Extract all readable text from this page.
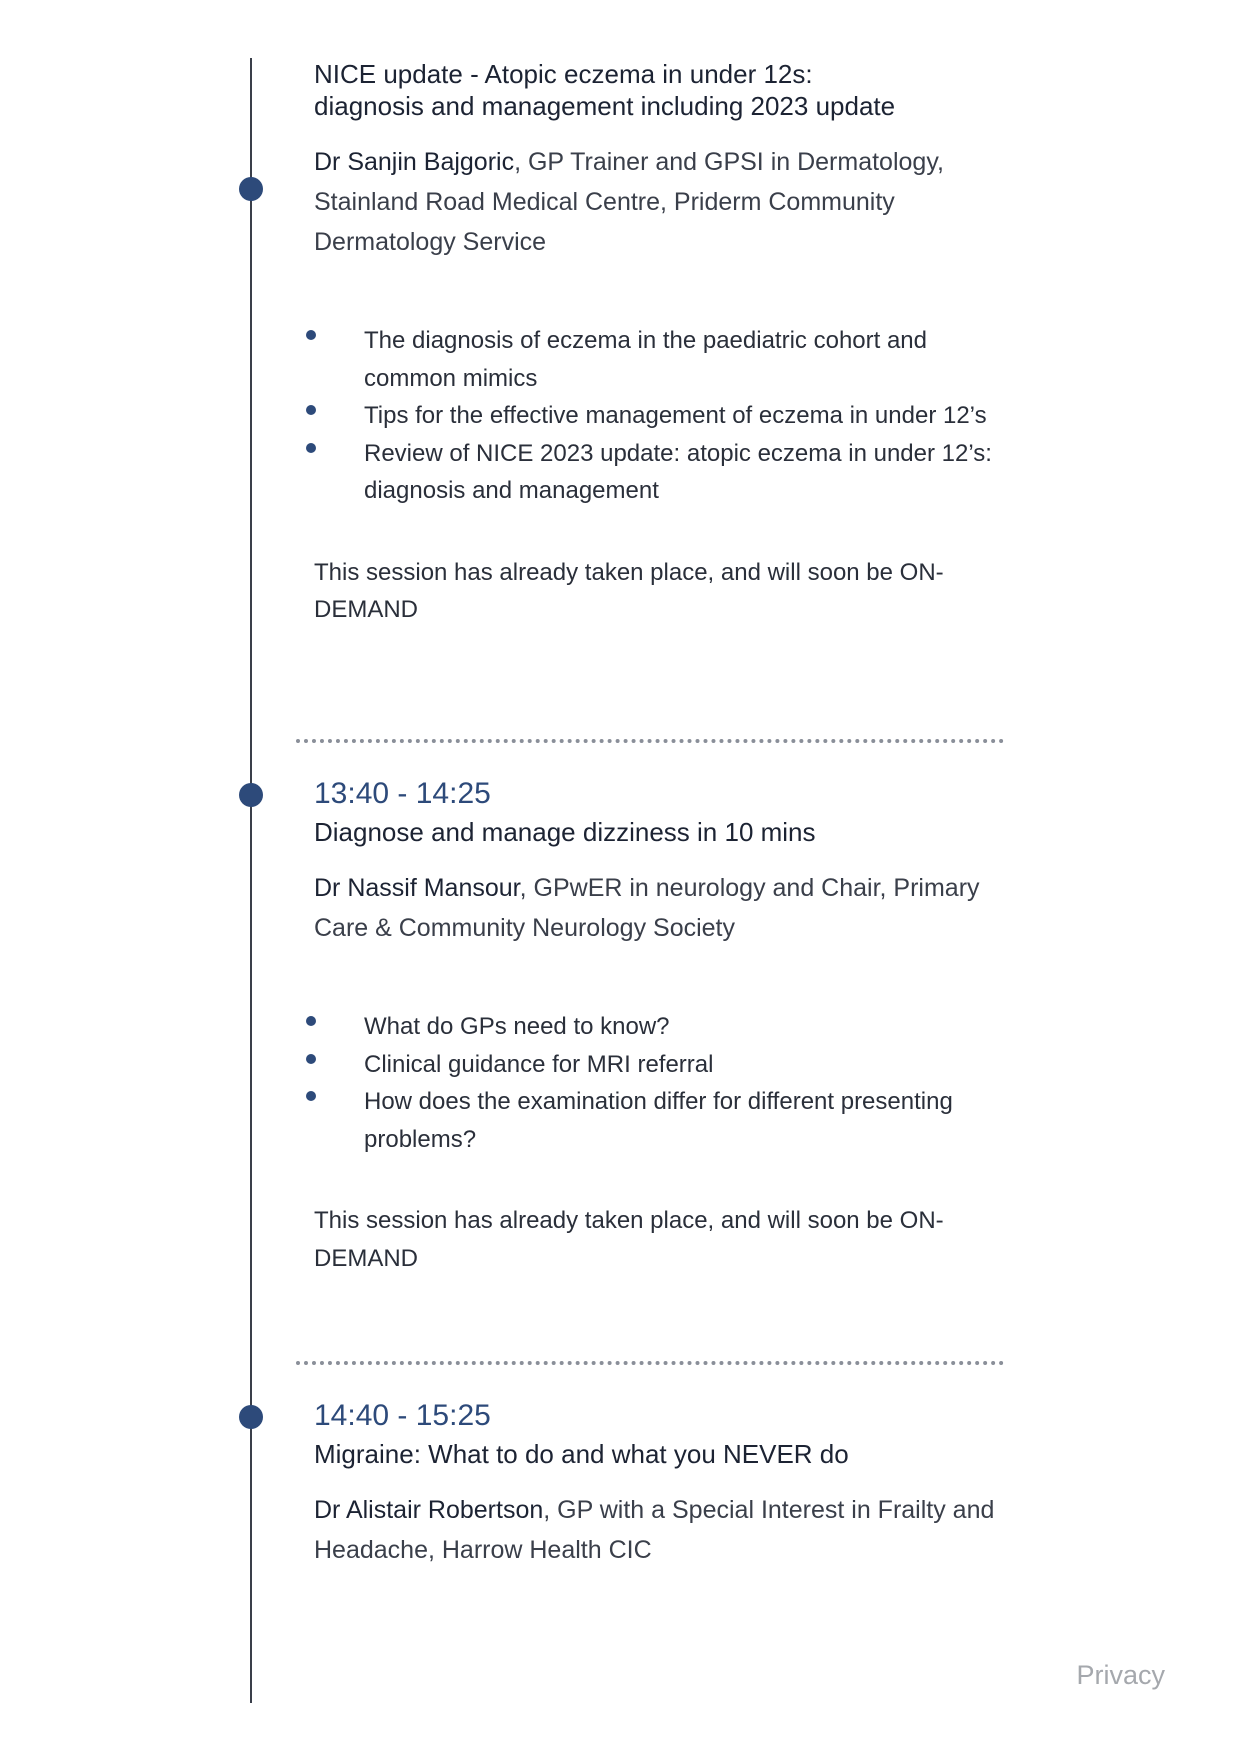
NICE update - Atopic eczema in under 12s: diagnosis and management including 2023 update

Dr Sanjin Bajgoric, GP Trainer and GPSI in Dermatology, Stainland Road Medical Centre, Priderm Community Dermatology Service

The diagnosis of eczema in the paediatric cohort and common mimics
Tips for the effective management of eczema in under 12’s
Review of NICE 2023 update: atopic eczema in under 12’s: diagnosis and management

This session has already taken place, and will soon be ON-DEMAND

13:40 - 14:25

Diagnose and manage dizziness in 10 mins

Dr Nassif Mansour, GPwER in neurology and Chair, Primary Care & Community Neurology Society

What do GPs need to know?
Clinical guidance for MRI referral
How does the examination differ for different presenting problems?

This session has already taken place, and will soon be ON-DEMAND

14:40 - 15:25

Migraine: What to do and what you NEVER do

Dr Alistair Robertson, GP with a Special Interest in Frailty and Headache, Harrow Health CIC

Privacy
